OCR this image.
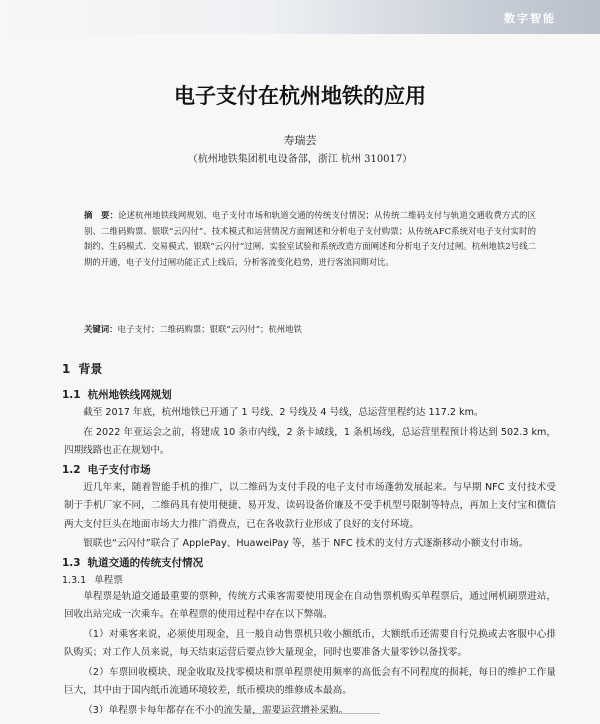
数字智能
电子支付在杭州地铁的应用
寿瑞芸
（杭州地铁集团机电设备部，浙江 杭州 310017）
摘　要：论述杭州地铁线网规划、电子支付市场和轨道交通的传统支付情况；从传统二维码支付与轨道交通收费方式的区别、二维码购票、银联“云闪付”、技术模式和运营情况方面阐述和分析电子支付购票；从传统AFC系统对电子支付实时的制约、生码模式、交易模式、银联“云闪付”过闸、实验室试验和系统改造方面阐述和分析电子支付过闸。杭州地铁2号线二期的开通，电子支付过闸功能正式上线后，分析客流变化趋势，进行客流同期对比。
关键词：电子支付；二维码购票；银联“云闪付”；杭州地铁
1 背景
1.1 杭州地铁线网规划
截至 2017 年底，杭州地铁已开通了 1 号线、2 号线及 4 号线，总运营里程约达 117.2 km。
在 2022 年亚运会之前，将建成 10 条市内线，2 条卡域线，1 条机场线，总运营里程预计将达到 502.3 km，四期线路也正在规划中。
1.2 电子支付市场
近几年来，随着智能手机的推广，以二维码为支付手段的电子支付市场蓬勃发展起来。与早期 NFC 支付技术受制于手机厂家不同，二维码具有使用便捷、易开发、读码设备价廉及不受手机型号限制等特点，再加上支付宝和微信两大支付巨头在地面市场大力推广消费点，已在各收款行业形成了良好的支付环境。
银联也“云闪付”联合了 ApplePay、HuaweiPay 等，基于 NFC 技术的支付方式逐渐移动小额支付市场。
1.3 轨道交通的传统支付情况
1.3.1 单程票
单程票是轨道交通最重要的票种，传统方式乘客需要使用现金在自动售票机购买单程票后，通过闸机刷票进站，回收出站完成一次乘车。在单程票的使用过程中存在以下弊端。
（1）对乘客来说，必须使用现金，且一般自动售票机只收小额纸币，大额纸币还需要自行兑换或去客服中心排队购买；对工作人员来说，每天结束运营后要点钞大量现金，同时也要准备大量零钞以备找零。
（2）车票回收模块、现金收取及找零模块和票单程票使用频率的高低会有不同程度的损耗，每日的维护工作量巨大，其中由于国内纸币流通环境较差，纸币模块的维修成本最高。
（3）单程票卡每年都存在不小的流失量，需要运营增补采购。
